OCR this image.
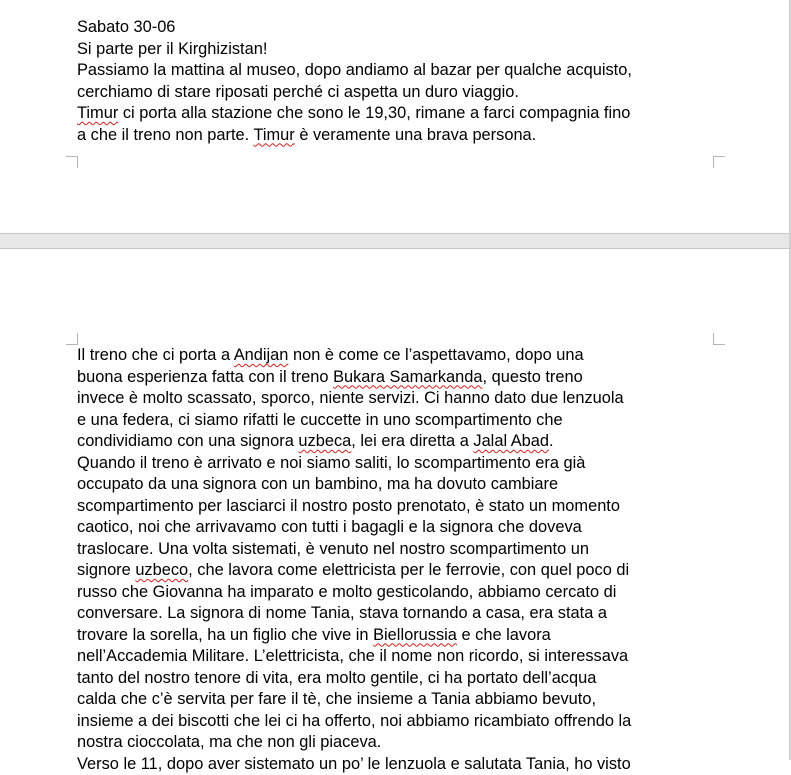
Sabato 30-06
Si parte per il Kirghizistan!
Passiamo la mattina al museo, dopo andiamo al bazar per qualche acquisto,
cerchiamo di stare riposati perché ci aspetta un duro viaggio.
Timur ci porta alla stazione che sono le 19,30, rimane a farci compagnia fino
a che il treno non parte. Timur è veramente una brava persona.
Il treno che ci porta a Andijan non è come ce l’aspettavamo, dopo una
buona esperienza fatta con il treno Bukara Samarkanda, questo treno
invece è molto scassato, sporco, niente servizi. Ci hanno dato due lenzuola
e una federa, ci siamo rifatti le cuccette in uno scompartimento che
condividiamo con una signora uzbeca, lei era diretta a Jalal Abad.
Quando il treno è arrivato e noi siamo saliti, lo scompartimento era già
occupato da una signora con un bambino, ma ha dovuto cambiare
scompartimento per lasciarci il nostro posto prenotato, è stato un momento
caotico, noi che arrivavamo con tutti i bagagli e la signora che doveva
traslocare. Una volta sistemati, è venuto nel nostro scompartimento un
signore uzbeco, che lavora come elettricista per le ferrovie, con quel poco di
russo che Giovanna ha imparato e molto gesticolando, abbiamo cercato di
conversare. La signora di nome Tania, stava tornando a casa, era stata a
trovare la sorella, ha un figlio che vive in Biellorussia e che lavora
nell’Accademia Militare. L’elettricista, che il nome non ricordo, si interessava
tanto del nostro tenore di vita, era molto gentile, ci ha portato dell’acqua
calda che c’è servita per fare il tè, che insieme a Tania abbiamo bevuto,
insieme a dei biscotti che lei ci ha offerto, noi abbiamo ricambiato offrendo la
nostra cioccolata, ma che non gli piaceva.
Verso le 11, dopo aver sistemato un po’ le lenzuola e salutata Tania, ho visto
